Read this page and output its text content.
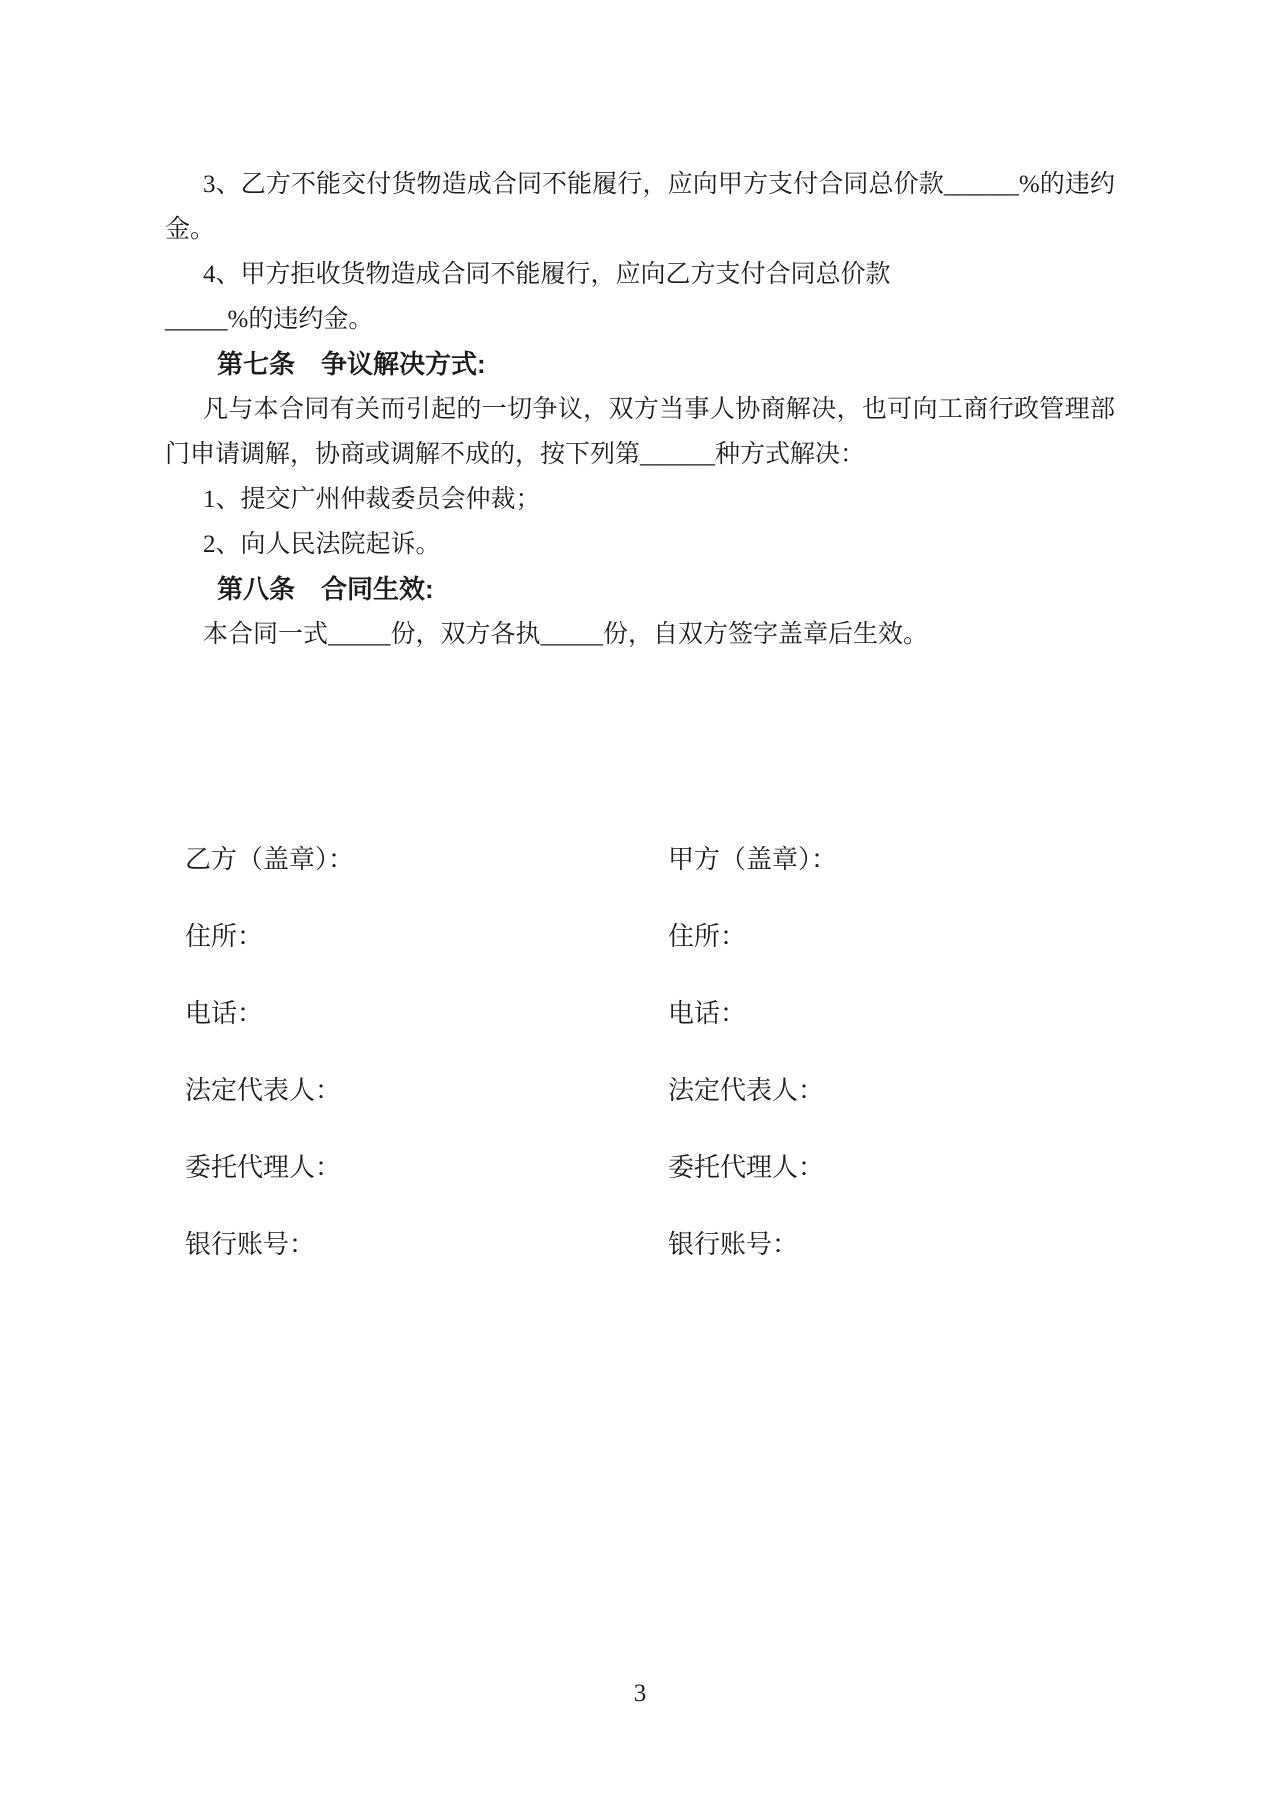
3、乙方不能交付货物造成合同不能履行，应向甲方支付合同总价款______%的违约金。

4、甲方拒收货物造成合同不能履行，应向乙方支付合同总价款

_____%的违约金。

第七条　争议解决方式:

凡与本合同有关而引起的一切争议，双方当事人协商解决，也可向工商行政管理部门申请调解，协商或调解不成的，按下列第______种方式解决：

1、提交广州仲裁委员会仲裁；

2、向人民法院起诉。

第八条　合同生效:

本合同一式_____份，双方各执_____份，自双方签字盖章后生效。

乙方（盖章）：	甲方（盖章）：
住所：	住所：
电话：	电话：
法定代表人：	法定代表人：
委托代理人：	委托代理人：
银行账号：	银行账号：
3
